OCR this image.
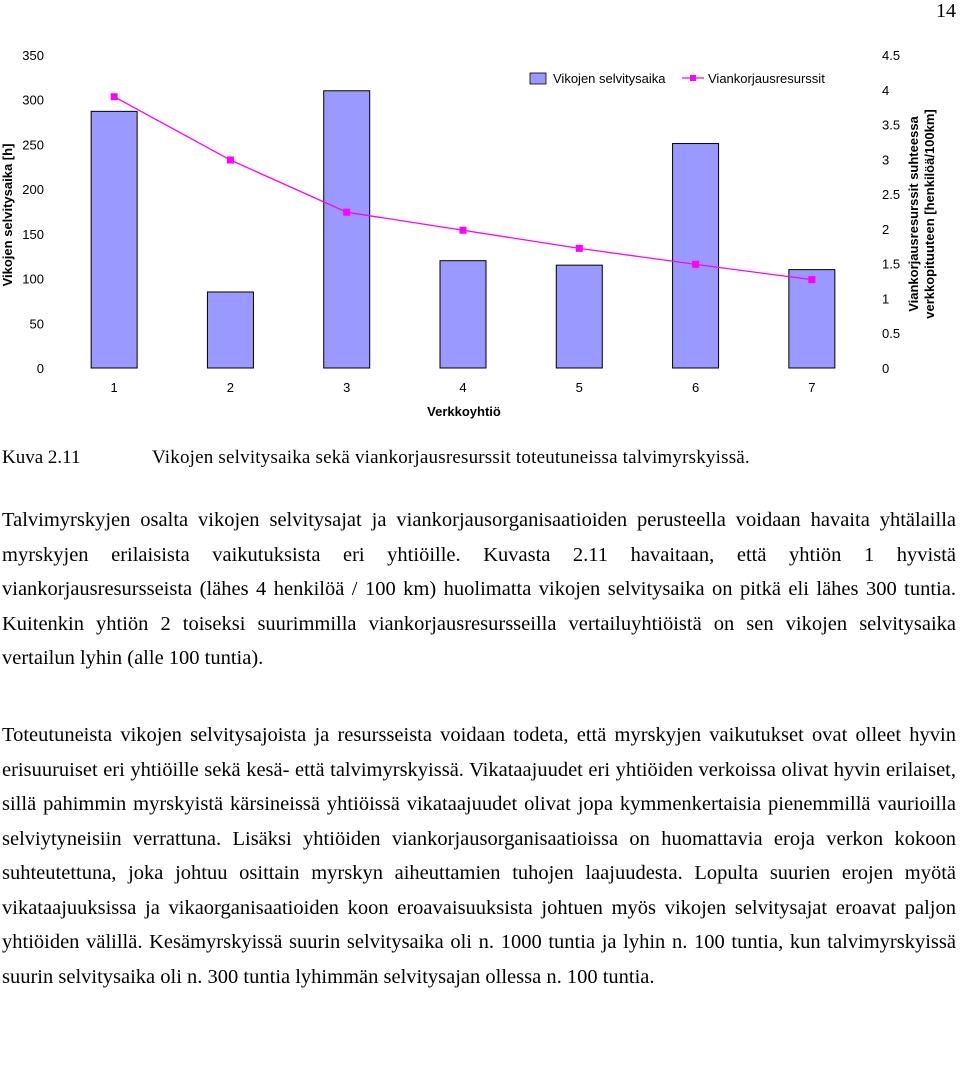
14
0
50
100
150
200
250
300
350
0
0.5
1
1.5
2
2.5
3
3.5
4
4.5
1	2	3	4	5	6	7
Vikojen selvitysaika [h]	Viankorjausresurssit suhteessa verkkopituuteen [henkilöä/100km]
Verkkoyhtiö
Vikojen selvitysaika	Viankorjausresurssit
Kuva 2.11	Vikojen selvitysaika sekä viankorjausresurssit toteutuneissa talvimyrskyissä.

Talvimyrskyjen osalta vikojen selvitysajat ja viankorjausorganisaatioiden perusteella voidaan havaita yhtälailla myrskyjen erilaisista vaikutuksista eri yhtiöille. Kuvasta 2.11 havaitaan, että yhtiön 1 hyvistä viankorjausresursseista (lähes 4 henkilöä / 100 km) huolimatta vikojen selvitysaika on pitkä eli lähes 300 tuntia. Kuitenkin yhtiön 2 toiseksi suurimmilla viankorjausresursseilla vertailuyhtiöistä on sen vikojen selvitysaika vertailun lyhin (alle 100 tuntia).

Toteutuneista vikojen selvitysajoista ja resursseista voidaan todeta, että myrskyjen vaikutukset ovat olleet hyvin erisuuruiset eri yhtiöille sekä kesä- että talvimyrskyissä. Vikataajuudet eri yhtiöiden verkoissa olivat hyvin erilaiset, sillä pahimmin myrskyistä kärsineissä yhtiöissä vikataajuudet olivat jopa kymmenkertaisia pienemmillä vaurioilla selviytyneisiin verrattuna. Lisäksi yhtiöiden viankorjausorganisaatioissa on huomattavia eroja verkon kokoon suhteutettuna, joka johtuu osittain myrskyn aiheuttamien tuhojen laajuudesta. Lopulta suurien erojen myötä vikataajuuksissa ja vikaorganisaatioiden koon eroavaisuuksista johtuen myös vikojen selvitysajat eroavat paljon yhtiöiden välillä. Kesämyrskyissä suurin selvitysaika oli n. 1000 tuntia ja lyhin n. 100 tuntia, kun talvimyrskyissä suurin selvitysaika oli n. 300 tuntia lyhimmän selvitysajan ollessa n. 100 tuntia.
